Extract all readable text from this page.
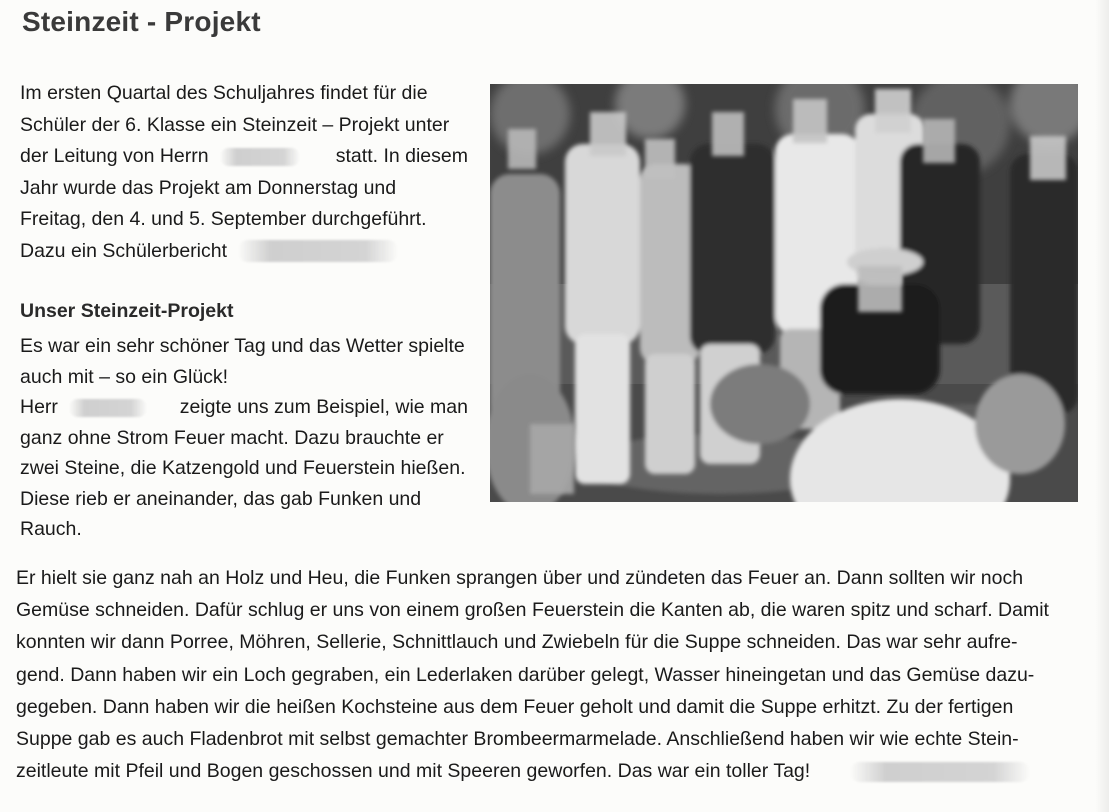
Steinzeit - Projekt
Im ersten Quartal des Schuljahres findet für die
Schüler der 6. Klasse ein Steinzeit – Projekt unter
der Leitung von Herrn	statt. In diesem
Jahr wurde das Projekt am Donnerstag und
Freitag, den 4. und 5. September durchgeführt.
Dazu ein Schülerbericht
Unser Steinzeit-Projekt
Es war ein sehr schöner Tag und das Wetter spielte
auch mit – so ein Glück!
Herr	zeigte uns zum Beispiel, wie man
ganz ohne Strom Feuer macht. Dazu brauchte er
zwei Steine, die Katzengold und Feuerstein hießen.
Diese rieb er aneinander, das gab Funken und
Rauch.
Er hielt sie ganz nah an Holz und Heu, die Funken sprangen über und zündeten das Feuer an. Dann sollten wir noch
Gemüse schneiden. Dafür schlug er uns von einem großen Feuerstein die Kanten ab, die waren spitz und scharf. Damit
konnten wir dann Porree, Möhren, Sellerie, Schnittlauch und Zwiebeln für die Suppe schneiden. Das war sehr aufre-
gend. Dann haben wir ein Loch gegraben, ein Lederlaken darüber gelegt, Wasser hineingetan und das Gemüse dazu-
gegeben. Dann haben wir die heißen Kochsteine aus dem Feuer geholt und damit die Suppe erhitzt. Zu der fertigen
Suppe gab es auch Fladenbrot mit selbst gemachter Brombeermarmelade. Anschließend haben wir wie echte Stein-
zeitleute mit Pfeil und Bogen geschossen und mit Speeren geworfen. Das war ein toller Tag!
